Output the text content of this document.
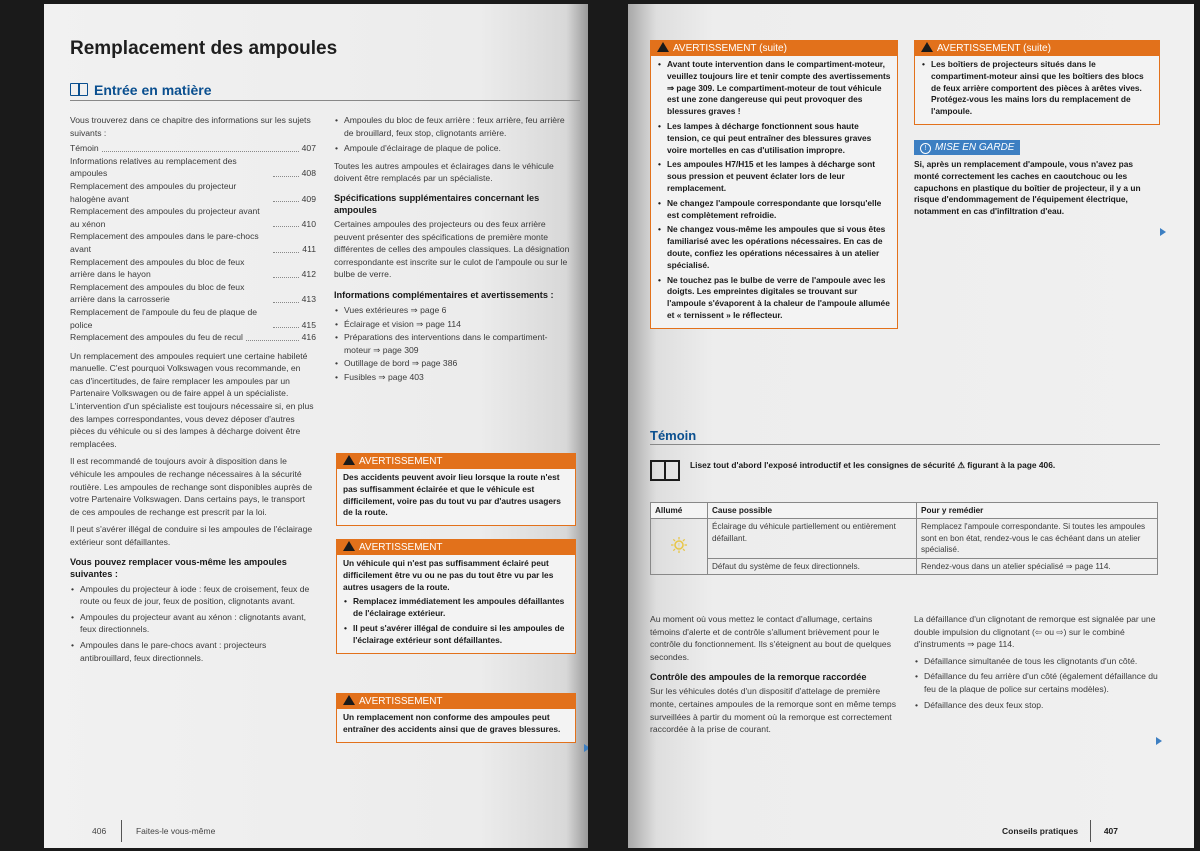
Remplacement des ampoules
Entrée en matière
Vous trouverez dans ce chapitre des informations sur les sujets suivants :
Témoin	407
Informations relatives au remplacement des ampoules	408
Remplacement des ampoules du projecteur halogène avant	409
Remplacement des ampoules du projecteur avant au xénon	410
Remplacement des ampoules dans le pare-chocs avant	411
Remplacement des ampoules du bloc de feux arrière dans le hayon	412
Remplacement des ampoules du bloc de feux arrière dans la carrosserie	413
Remplacement de l'ampoule du feu de plaque de police	415
Remplacement des ampoules du feu de recul	416
Un remplacement des ampoules requiert une certaine habileté manuelle. C'est pourquoi Volkswagen vous recommande, en cas d'incertitudes, de faire remplacer les ampoules par un Partenaire Volkswagen ou de faire appel à un spécialiste. L'intervention d'un spécialiste est toujours nécessaire si, en plus des lampes correspondantes, vous devez déposer d'autres pièces du véhicule ou si des lampes à décharge doivent être remplacées.
Il est recommandé de toujours avoir à disposition dans le véhicule les ampoules de rechange nécessaires à la sécurité routière. Les ampoules de rechange sont disponibles auprès de votre Partenaire Volkswagen. Dans certains pays, le transport de ces ampoules de rechange est prescrit par la loi.
Il peut s'avérer illégal de conduire si les ampoules de l'éclairage extérieur sont défaillantes.
Vous pouvez remplacer vous-même les ampoules suivantes :
• Ampoules du projecteur à iode : feux de croisement, feux de route ou feux de jour, feux de position, clignotants avant.
• Ampoules du projecteur avant au xénon : clignotants avant, feux directionnels.
• Ampoules dans le pare-chocs avant : projecteurs antibrouillard, feux directionnels.
• Ampoules du bloc de feux arrière : feux arrière, feu arrière de brouillard, feux stop, clignotants arrière.
• Ampoule d'éclairage de plaque de police.
Toutes les autres ampoules et éclairages dans le véhicule doivent être remplacés par un spécialiste.
Spécifications supplémentaires concernant les ampoules
Certaines ampoules des projecteurs ou des feux arrière peuvent présenter des spécifications de première monte différentes de celles des ampoules classiques. La désignation correspondante est inscrite sur le culot de l'ampoule ou sur le bulbe de verre.
Informations complémentaires et avertissements :
• Vues extérieures ⇒ page 6
• Éclairage et vision ⇒ page 114
• Préparations des interventions dans le compartiment-moteur ⇒ page 309
• Outillage de bord ⇒ page 386
• Fusibles ⇒ page 403
AVERTISSEMENT

Des accidents peuvent avoir lieu lorsque la route n'est pas suffisamment éclairée et que le véhicule est difficilement, voire pas du tout vu par d'autres usagers de la route.

AVERTISSEMENT

Un véhicule qui n'est pas suffisamment éclairé peut difficilement être vu ou ne pas du tout être vu par les autres usagers de la route.

• Remplacez immédiatement les ampoules défaillantes de l'éclairage extérieur.

• Il peut s'avérer illégal de conduire si les ampoules de l'éclairage extérieur sont défaillantes.

AVERTISSEMENT

Un remplacement non conforme des ampoules peut entraîner des accidents ainsi que de graves blessures.

406	Faites-le vous-même
AVERTISSEMENT (suite)

• Avant toute intervention dans le compartiment-moteur, veuillez toujours lire et tenir compte des avertissements ⇒ page 309. Le compartiment-moteur de tout véhicule est une zone dangereuse qui peut provoquer des blessures graves !

• Les lampes à décharge fonctionnent sous haute tension, ce qui peut entraîner des blessures graves voire mortelles en cas d'utilisation impropre.

• Les ampoules H7/H15 et les lampes à décharge sont sous pression et peuvent éclater lors de leur remplacement.

• Ne changez l'ampoule correspondante que lorsqu'elle est complètement refroidie.

• Ne changez vous-même les ampoules que si vous êtes familiarisé avec les opérations nécessaires. En cas de doute, confiez les opérations nécessaires à un atelier spécialisé.

• Ne touchez pas le bulbe de verre de l'ampoule avec les doigts. Les empreintes digitales se trouvant sur l'ampoule s'évaporent à la chaleur de l'ampoule allumée et « ternissent » le réflecteur.

AVERTISSEMENT (suite)

• Les boîtiers de projecteurs situés dans le compartiment-moteur ainsi que les boîtiers des blocs de feux arrière comportent des pièces à arêtes vives. Protégez-vous les mains lors du remplacement de l'ampoule.

! MISE EN GARDE
Si, après un remplacement d'ampoule, vous n'avez pas monté correctement les caches en caoutchouc ou les capuchons en plastique du boîtier de projecteur, il y a un risque d'endommagement de l'équipement électrique, notamment en cas d'infiltration d'eau.
Témoin
Lisez tout d'abord l'exposé introductif et les consignes de sécurité ⚠ figurant à la page 406.
Allumé	Cause possible	Pour y remédier

!	Éclairage du véhicule partiellement ou entièrement défaillant.	Remplacez l'ampoule correspondante. Si toutes les ampoules sont en bon état, rendez-vous le cas échéant dans un atelier spécialisé.
	Défaut du système de feux directionnels.	Rendez-vous dans un atelier spécialisé ⇒ page 114.
Au moment où vous mettez le contact d'allumage, certains témoins d'alerte et de contrôle s'allument brièvement pour le contrôle du fonctionnement. Ils s'éteignent au bout de quelques secondes.
Contrôle des ampoules de la remorque raccordée
Sur les véhicules dotés d'un dispositif d'attelage de première monte, certaines ampoules de la remorque sont en même temps surveillées à partir du moment où la remorque est correctement raccordée à la prise de courant.
La défaillance d'un clignotant de remorque est signalée par une double impulsion du clignotant (⇦ ou ⇨) sur le combiné d'instruments ⇒ page 114.
• Défaillance simultanée de tous les clignotants d'un côté.
• Défaillance du feu arrière d'un côté (également défaillance du feu de la plaque de police sur certains modèles).
• Défaillance des deux feux stop.
Conseils pratiques	407
